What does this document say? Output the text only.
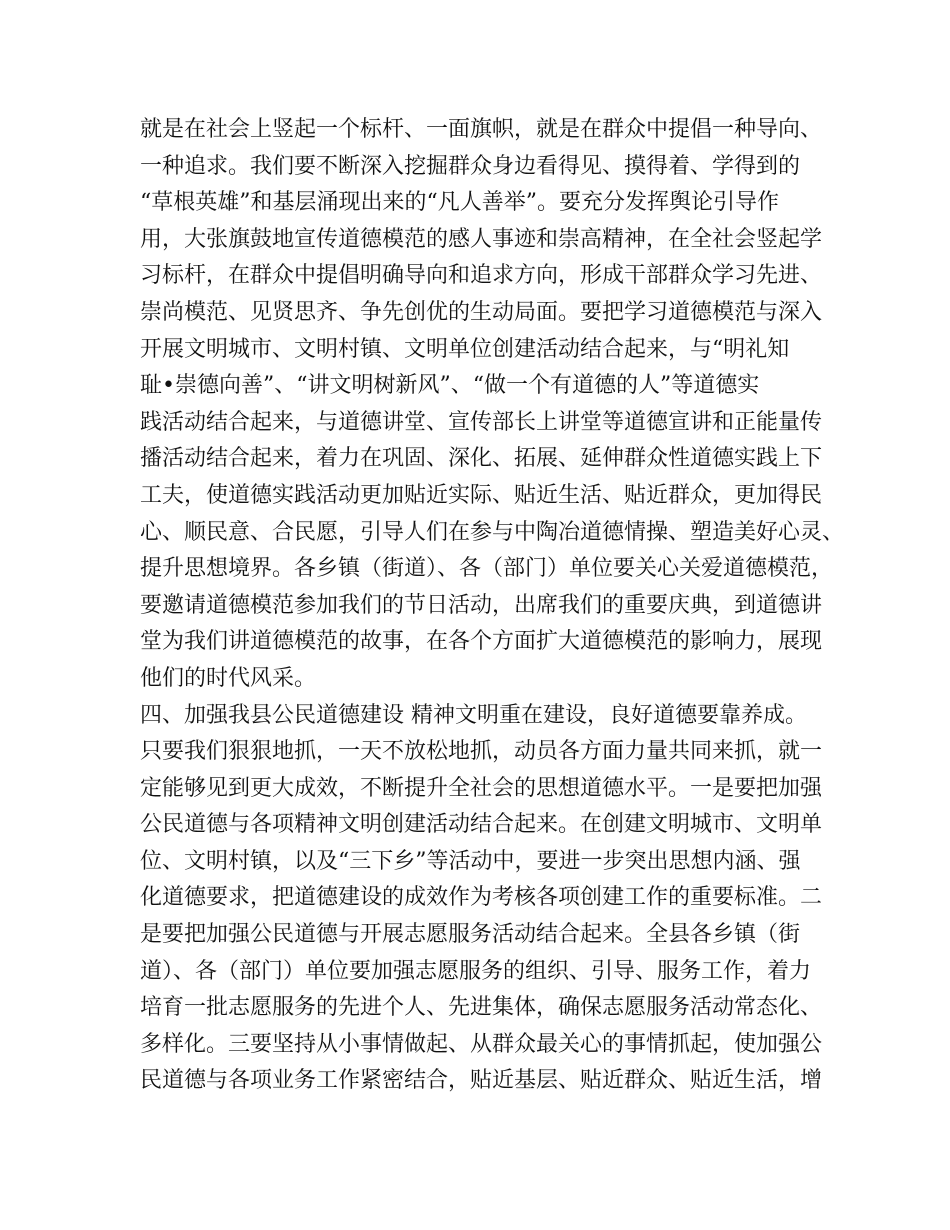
就是在社会上竖起一个标杆、一面旗帜，就是在群众中提倡一种导向、
一种追求。我们要不断深入挖掘群众身边看得见、摸得着、学得到的
“草根英雄”和基层涌现出来的“凡人善举”。要充分发挥舆论引导作
用，大张旗鼓地宣传道德模范的感人事迹和崇高精神，在全社会竖起学
习标杆，在群众中提倡明确导向和追求方向，形成干部群众学习先进、
崇尚模范、见贤思齐、争先创优的生动局面。要把学习道德模范与深入
开展文明城市、文明村镇、文明单位创建活动结合起来，与“明礼知
耻•崇德向善”、“讲文明树新风”、“做一个有道德的人”等道德实
践活动结合起来，与道德讲堂、宣传部长上讲堂等道德宣讲和正能量传
播活动结合起来，着力在巩固、深化、拓展、延伸群众性道德实践上下
工夫，使道德实践活动更加贴近实际、贴近生活、贴近群众，更加得民
心、顺民意、合民愿，引导人们在参与中陶冶道德情操、塑造美好心灵、
提升思想境界。各乡镇（街道）、各（部门）单位要关心关爱道德模范，
要邀请道德模范参加我们的节日活动，出席我们的重要庆典，到道德讲
堂为我们讲道德模范的故事，在各个方面扩大道德模范的影响力，展现
他们的时代风采。
四、加强我县公民道德建设 精神文明重在建设，良好道德要靠养成。
只要我们狠狠地抓，一天不放松地抓，动员各方面力量共同来抓，就一
定能够见到更大成效，不断提升全社会的思想道德水平。一是要把加强
公民道德与各项精神文明创建活动结合起来。在创建文明城市、文明单
位、文明村镇，以及“三下乡”等活动中，要进一步突出思想内涵、强
化道德要求，把道德建设的成效作为考核各项创建工作的重要标准。二
是要把加强公民道德与开展志愿服务活动结合起来。全县各乡镇（街
道）、各（部门）单位要加强志愿服务的组织、引导、服务工作，着力
培育一批志愿服务的先进个人、先进集体，确保志愿服务活动常态化、
多样化。三要坚持从小事情做起、从群众最关心的事情抓起，使加强公
民道德与各项业务工作紧密结合，贴近基层、贴近群众、贴近生活，增
